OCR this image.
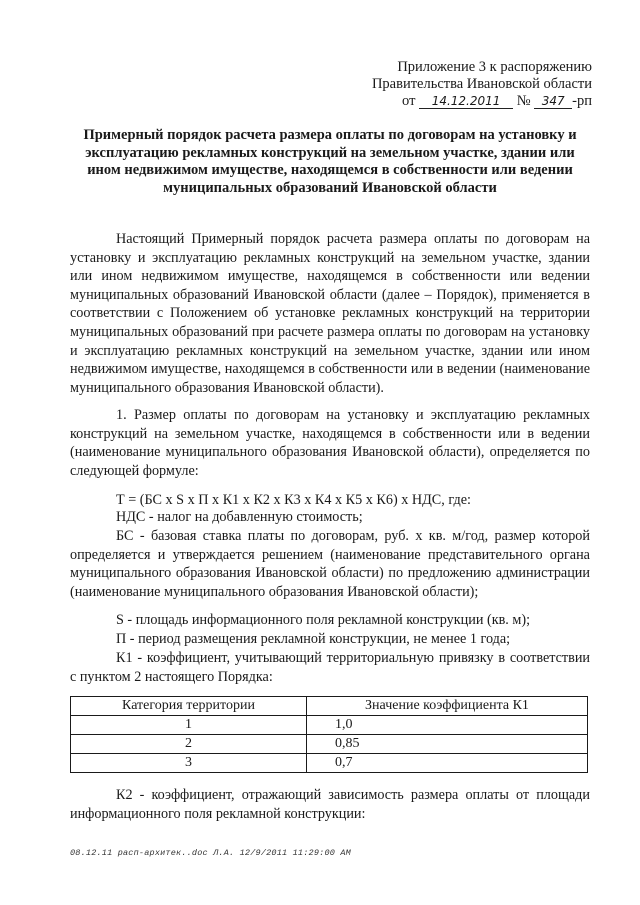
Приложение 3 к распоряжению
Правительства Ивановской области
от 14.12.2011 № 347 -рп
Примерный порядок расчета размера оплаты по договорам на установку и эксплуатацию рекламных конструкций на земельном участке, здании или ином недвижимом имуществе, находящемся в собственности или ведении муниципальных образований Ивановской области
Настоящий Примерный порядок расчета размера оплаты по договорам на установку и эксплуатацию рекламных конструкций на земельном участке, здании или ином недвижимом имуществе, находящемся в собственности или ведении муниципальных образований Ивановской области (далее – Порядок), применяется в соответствии с Положением об установке рекламных конструкций на территории муниципальных образований при расчете размера оплаты по договорам на установку и эксплуатацию рекламных конструкций на земельном участке, здании или ином недвижимом имуществе, находящемся в собственности или в ведении (наименование муниципального образования Ивановской области).
1. Размер оплаты по договорам на установку и эксплуатацию рекламных конструкций на земельном участке, находящемся в собственности или в ведении (наименование муниципального образования Ивановской области), определяется по следующей формуле:
Т = (БС х S х П х К1 х К2 х К3 х К4 х К5 х К6) х НДС, где:
НДС - налог на добавленную стоимость;
БС - базовая ставка платы по договорам, руб. х кв. м/год, размер которой определяется и утверждается решением (наименование представительного органа муниципального образования Ивановской области) по предложению администрации (наименование муниципального образования Ивановской области);
S - площадь информационного поля рекламной конструкции (кв. м);
П - период размещения рекламной конструкции, не менее 1 года;
К1 - коэффициент, учитывающий территориальную привязку в соответствии с пунктом 2 настоящего Порядка:
Категория территории	Значение коэффициента К1
1	1,0
2	0,85
3	0,7
К2 - коэффициент, отражающий зависимость размера оплаты от площади информационного поля рекламной конструкции:
08.12.11 расп-архитек..doc Л.А. 12/9/2011 11:29:00 AM
